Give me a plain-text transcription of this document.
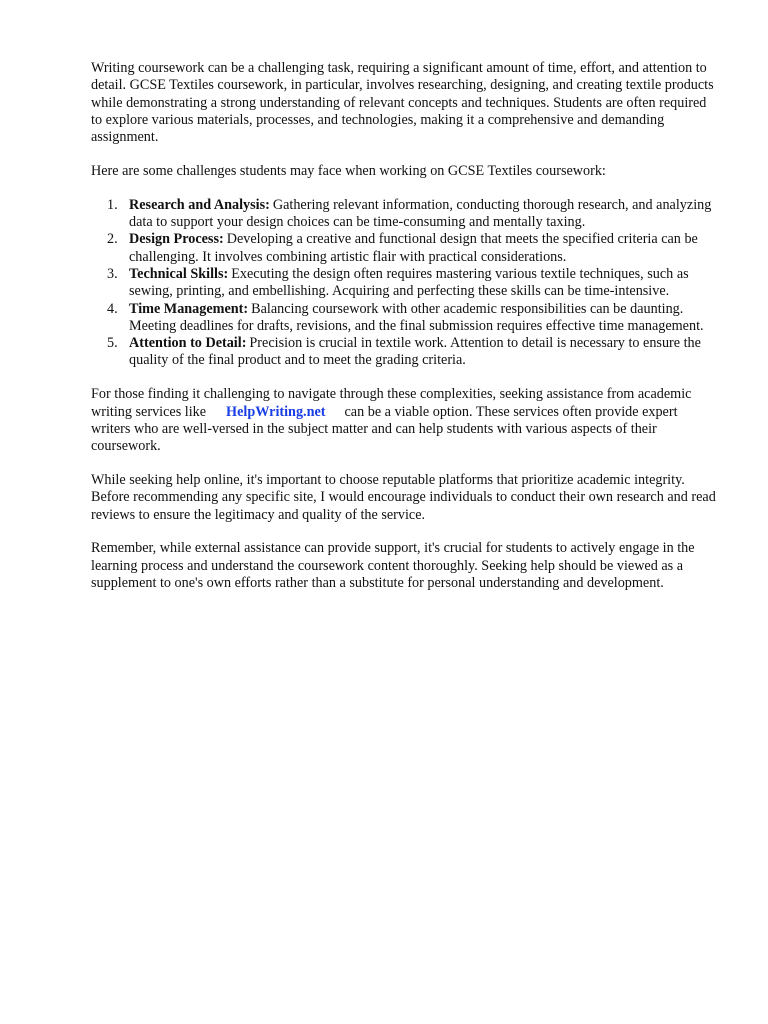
Writing coursework can be a challenging task, requiring a significant amount of time, effort, and attention to detail. GCSE Textiles coursework, in particular, involves researching, designing, and creating textile products while demonstrating a strong understanding of relevant concepts and techniques. Students are often required to explore various materials, processes, and technologies, making it a comprehensive and demanding assignment.

Here are some challenges students may face when working on GCSE Textiles coursework:

1. Research and Analysis: Gathering relevant information, conducting thorough research, and analyzing data to support your design choices can be time-consuming and mentally taxing.
2. Design Process: Developing a creative and functional design that meets the specified criteria can be challenging. It involves combining artistic flair with practical considerations.
3. Technical Skills: Executing the design often requires mastering various textile techniques, such as sewing, printing, and embellishing. Acquiring and perfecting these skills can be time-intensive.
4. Time Management: Balancing coursework with other academic responsibilities can be daunting. Meeting deadlines for drafts, revisions, and the final submission requires effective time management.
5. Attention to Detail: Precision is crucial in textile work. Attention to detail is necessary to ensure the quality of the final product and to meet the grading criteria.

For those finding it challenging to navigate through these complexities, seeking assistance from academic writing services like HelpWriting.net can be a viable option. These services often provide expert writers who are well-versed in the subject matter and can help students with various aspects of their coursework.

While seeking help online, it's important to choose reputable platforms that prioritize academic integrity. Before recommending any specific site, I would encourage individuals to conduct their own research and read reviews to ensure the legitimacy and quality of the service.

Remember, while external assistance can provide support, it's crucial for students to actively engage in the learning process and understand the coursework content thoroughly. Seeking help should be viewed as a supplement to one's own efforts rather than a substitute for personal understanding and development.
